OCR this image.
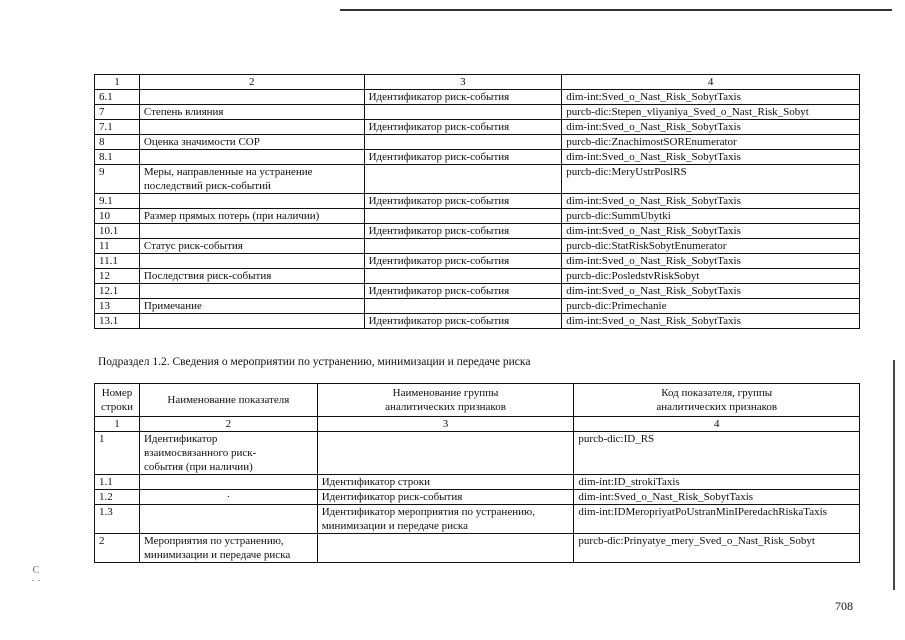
С · ·
1	2	3	4
6.1		Идентификатор риск-события	dim-int:Sved_o_Nast_Risk_SobytTaxis
7	Степень влияния		purcb-dic:Stepen_vliyaniya_Sved_o_Nast_Risk_Sobyt
7.1		Идентификатор риск-события	dim-int:Sved_o_Nast_Risk_SobytTaxis
8	Оценка значимости СОР		purcb-dic:ZnachimostSOREnumerator
8.1		Идентификатор риск-события	dim-int:Sved_o_Nast_Risk_SobytTaxis
9	Меры, направленные на устранение последствий риск-событий		purcb-dic:MeryUstrPoslRS
9.1		Идентификатор риск-события	dim-int:Sved_o_Nast_Risk_SobytTaxis
10	Размер прямых потерь (при наличии)		purcb-dic:SummUbytki
10.1		Идентификатор риск-события	dim-int:Sved_o_Nast_Risk_SobytTaxis
11	Статус риск-события		purcb-dic:StatRiskSobytEnumerator
11.1		Идентификатор риск-события	dim-int:Sved_o_Nast_Risk_SobytTaxis
12	Последствия риск-события		purcb-dic:PosledstvRiskSobyt
12.1		Идентификатор риск-события	dim-int:Sved_o_Nast_Risk_SobytTaxis
13	Примечание		purcb-dic:Primechanie
13.1		Идентификатор риск-события	dim-int:Sved_o_Nast_Risk_SobytTaxis
Подраздел 1.2. Сведения о мероприятии по устранению, минимизации и передаче риска
Номер строки	Наименование показателя	Наименование группы аналитических признаков	Код показателя, группы аналитических признаков
1	2	3	4
1	Идентификатор взаимосвязанного риск-события (при наличии)		purcb-dic:ID_RS
1.1		Идентификатор строки	dim-int:ID_strokiTaxis
1.2	·	Идентификатор риск-события	dim-int:Sved_o_Nast_Risk_SobytTaxis
1.3		Идентификатор мероприятия по устранению, минимизации и передаче риска	dim-int:IDMeropriyatPoUstranMinIPeredachRiskaTaxis
2	Мероприятия по устранению, минимизации и передаче риска		purcb-dic:Prinyatye_mery_Sved_o_Nast_Risk_Sobyt
708
